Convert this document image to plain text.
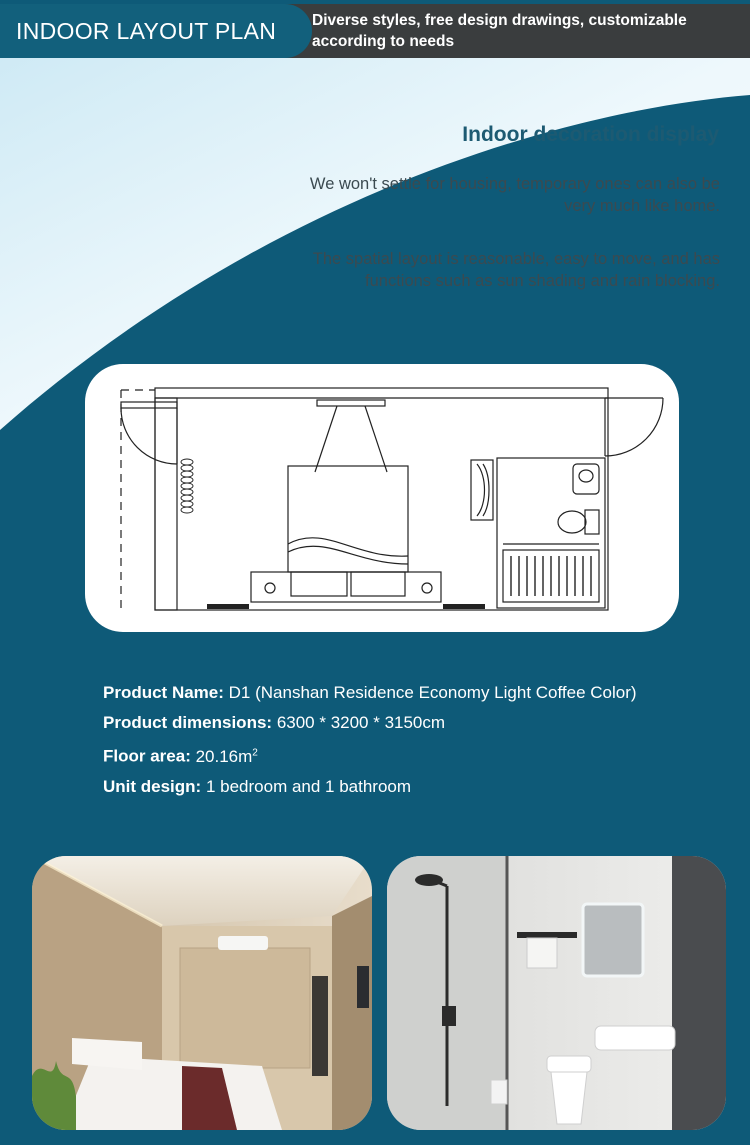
INDOOR LAYOUT PLAN	Diverse styles, free design drawings, customizable according to needs
Indoor decoration display
We won't settle for housing, temporary ones can also be very much like home.
The spatial layout is reasonable, easy to move, and has functions such as sun shading and rain blocking.
Product Name: D1 (Nanshan Residence Economy Light Coffee Color)
Product dimensions: 6300 * 3200 * 3150cm
Floor area: $20.16m^2$
Unit design: 1 bedroom and 1 bathroom
